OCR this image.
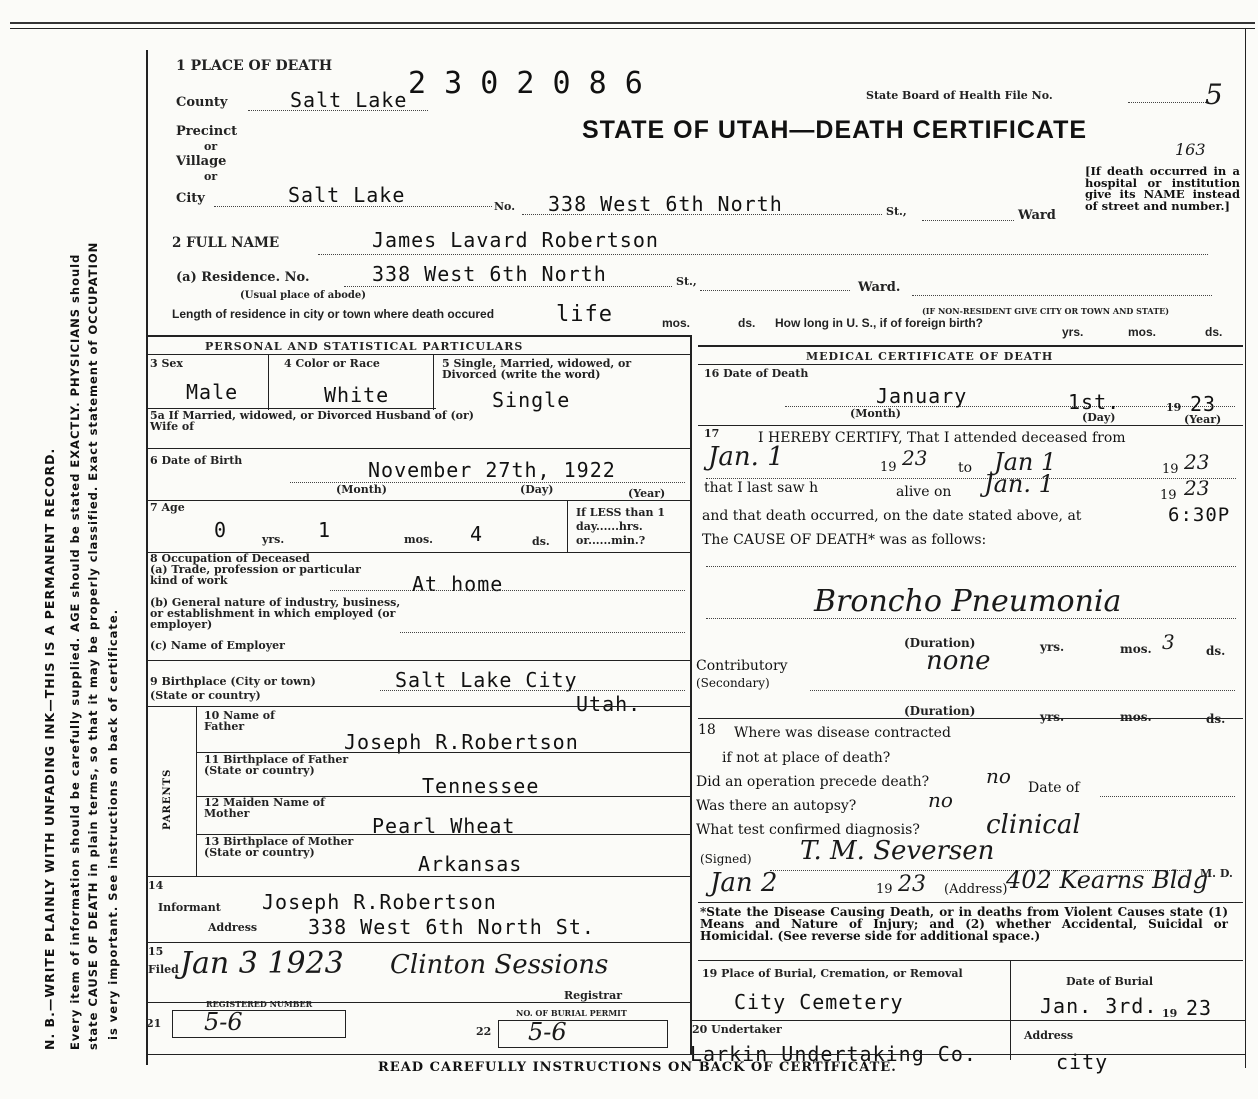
N. B.—WRITE PLAINLY WITH UNFADING INK—THIS IS A PERMANENT RECORD. Every item of information should be carefully supplied. AGE should be stated EXACTLY. PHYSICIANS should state CAUSE OF DEATH in plain terms, so that it may be properly classified. Exact statement of OCCUPATION is very important. See instructions on back of certificate.
1 PLACE OF DEATH	2 3 0 2 0 8 6	State Board of Health File No.	5
163
STATE OF UTAH—DEATH CERTIFICATE
County	Salt Lake
Precinct
or
Village
or
City	Salt Lake	No. 338 West 6th North	St.,	Ward
[If death occurred in a hospital or institution give its NAME instead of street and number.]
2 FULL NAME	James Lavard Robertson
(a) Residence. No.	338 West 6th North	St.,	Ward.
(Usual place of abode)
(IF NON-RESIDENT GIVE CITY OR TOWN AND STATE)
Length of residence in city or town where death occured	life	mos.	ds. How long in U. S., if of foreign birth?
yrs.	mos.	ds.
PERSONAL AND STATISTICAL PARTICULARS
3 Sex
Male
4 Color or Race
White
5 Single, Married, widowed, or Divorced (write the word)
Single
5a If Married, widowed, or Divorced Husband of (or) Wife of
6 Date of Birth	November 27th, 1922
(Month)	(Day)	(Year)
7 Age
0	yrs. 1	mos. 4	ds.
If LESS than 1 day......hrs. or......min.?
8 Occupation of Deceased
(a) Trade, profession or particular kind of work	At home
(b) General nature of industry, business, or establishment in which employed (or employer)
(c) Name of Employer
9 Birthplace (City or town)
(State or country)
Salt Lake City
Utah.
PARENTS
10 Name of Father
Joseph R.Robertson
11 Birthplace of Father (State or country)
Tennessee
12 Maiden Name of Mother
Pearl Wheat
13 Birthplace of Mother (State or country)	Arkansas
14
Informant Joseph R.Robertson
Address	338 West 6th North St.
15
Filed Jan 3 1923 Clinton Sessions
Registrar
REGISTERED NUMBER
21 5-6	22
NO. OF BURIAL PERMIT
5-6
MEDICAL CERTIFICATE OF DEATH
16 Date of Death
January	1st.	19 23
(Month)	(Day)	(Year)
17	I HEREBY CERTIFY, That I attended deceased from
Jan. 1	19 23 to Jan 1	19 23
that I last saw h	alive on Jan. 1	19 23
and that death occurred, on the date stated above, at	6:30P
The CAUSE OF DEATH* was as follows:
Broncho Pneumonia
(Duration)	yrs.	mos. 3	ds.
Contributory
(Secondary)
none
(Duration)	yrs.	mos.	ds.
18 Where was disease contracted
if not at place of death?
Did an operation precede death?	no Date of
Was there an autopsy?	no
What test confirmed diagnosis?	clinical
(Signed) T. M. Seversen
M. D.
Jan 2	19 23 (Address)
402 Kearns Bldg
*State the Disease Causing Death, or in deaths from Violent Causes state (1) Means and Nature of Injury; and (2) whether Accidental, Suicidal or Homicidal. (See reverse side for additional space.)
19 Place of Burial, Cremation, or Removal
City Cemetery
Date of Burial
Jan. 3rd. 19 23
20 Undertaker
Larkin Undertaking Co.
Address
city
READ CAREFULLY INSTRUCTIONS ON BACK OF CERTIFICATE.
